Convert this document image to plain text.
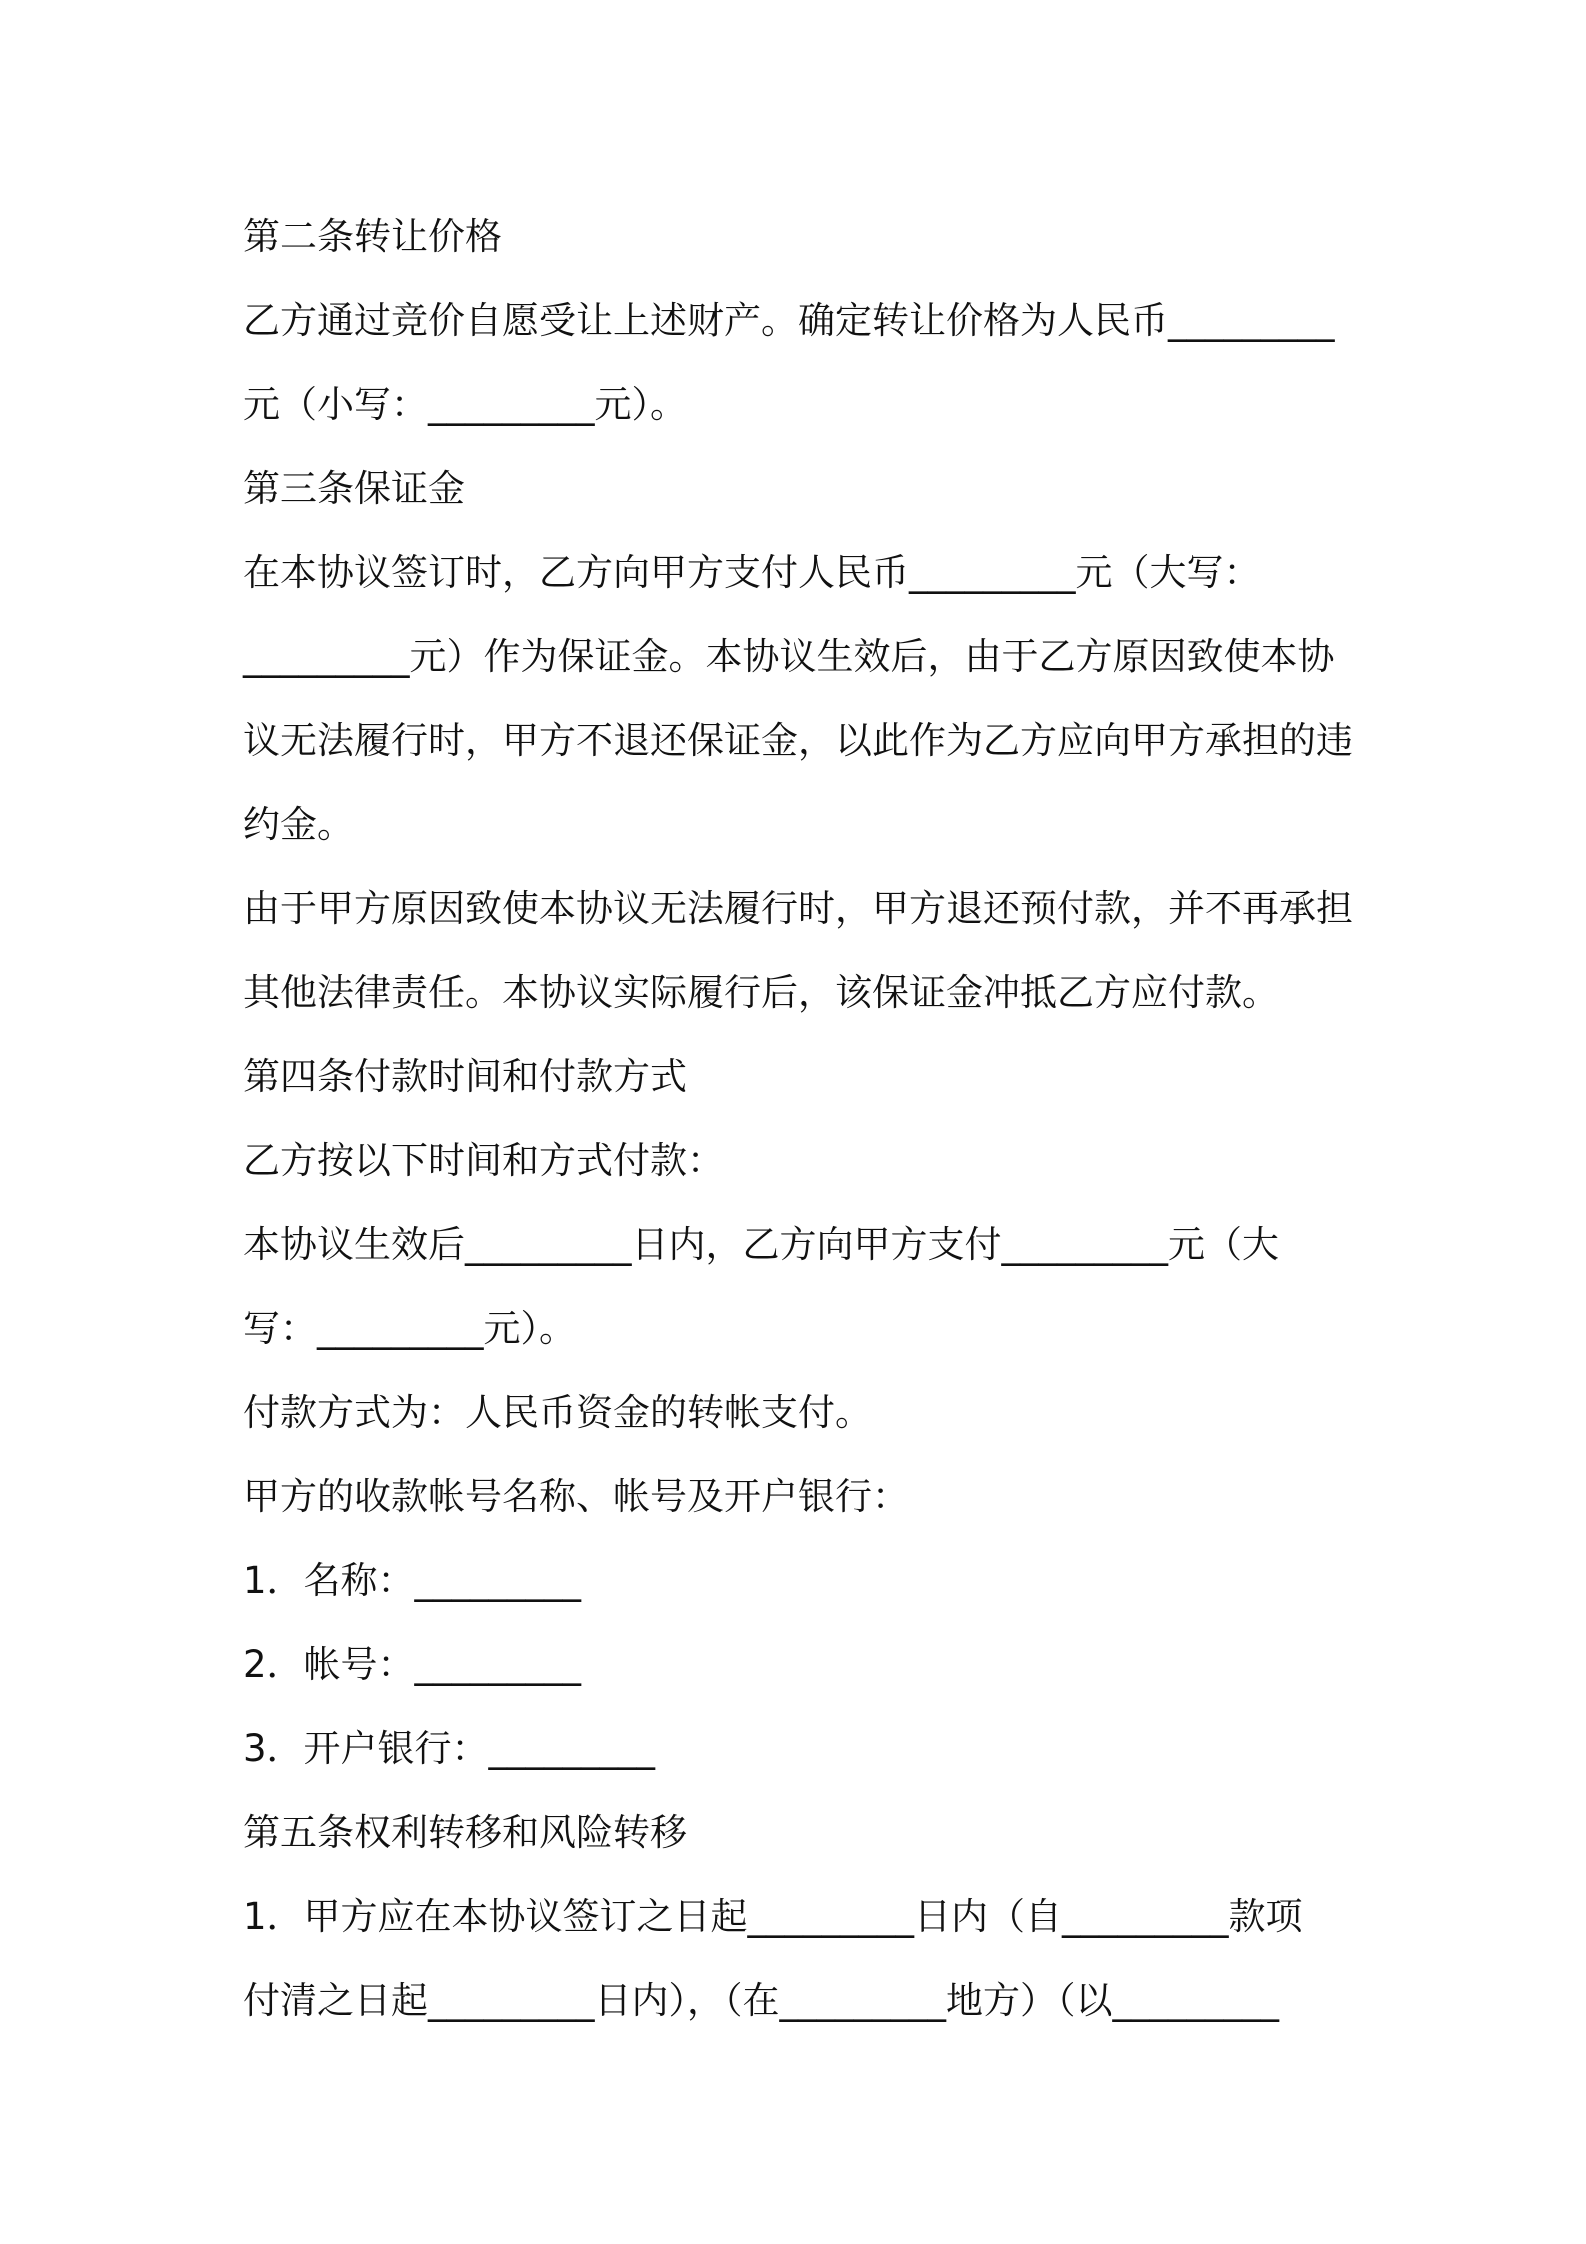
第二条转让价格
乙方通过竞价自愿受让上述财产。确定转让价格为人民币_________
元（小写：_________元）。
第三条保证金
在本协议签订时，乙方向甲方支付人民币_________元（大写：
_________元）作为保证金。本协议生效后，由于乙方原因致使本协
议无法履行时，甲方不退还保证金，以此作为乙方应向甲方承担的违
约金。
由于甲方原因致使本协议无法履行时，甲方退还预付款，并不再承担
其他法律责任。本协议实际履行后，该保证金冲抵乙方应付款。
第四条付款时间和付款方式
乙方按以下时间和方式付款：
本协议生效后_________日内，乙方向甲方支付_________元（大
写：_________元）。
付款方式为：人民币资金的转帐支付。
甲方的收款帐号名称、帐号及开户银行：
1．名称：_________
2．帐号：_________
3．开户银行：_________
第五条权利转移和风险转移
1．甲方应在本协议签订之日起_________日内（自_________款项
付清之日起_________日内），（在_________地方）（以_________
